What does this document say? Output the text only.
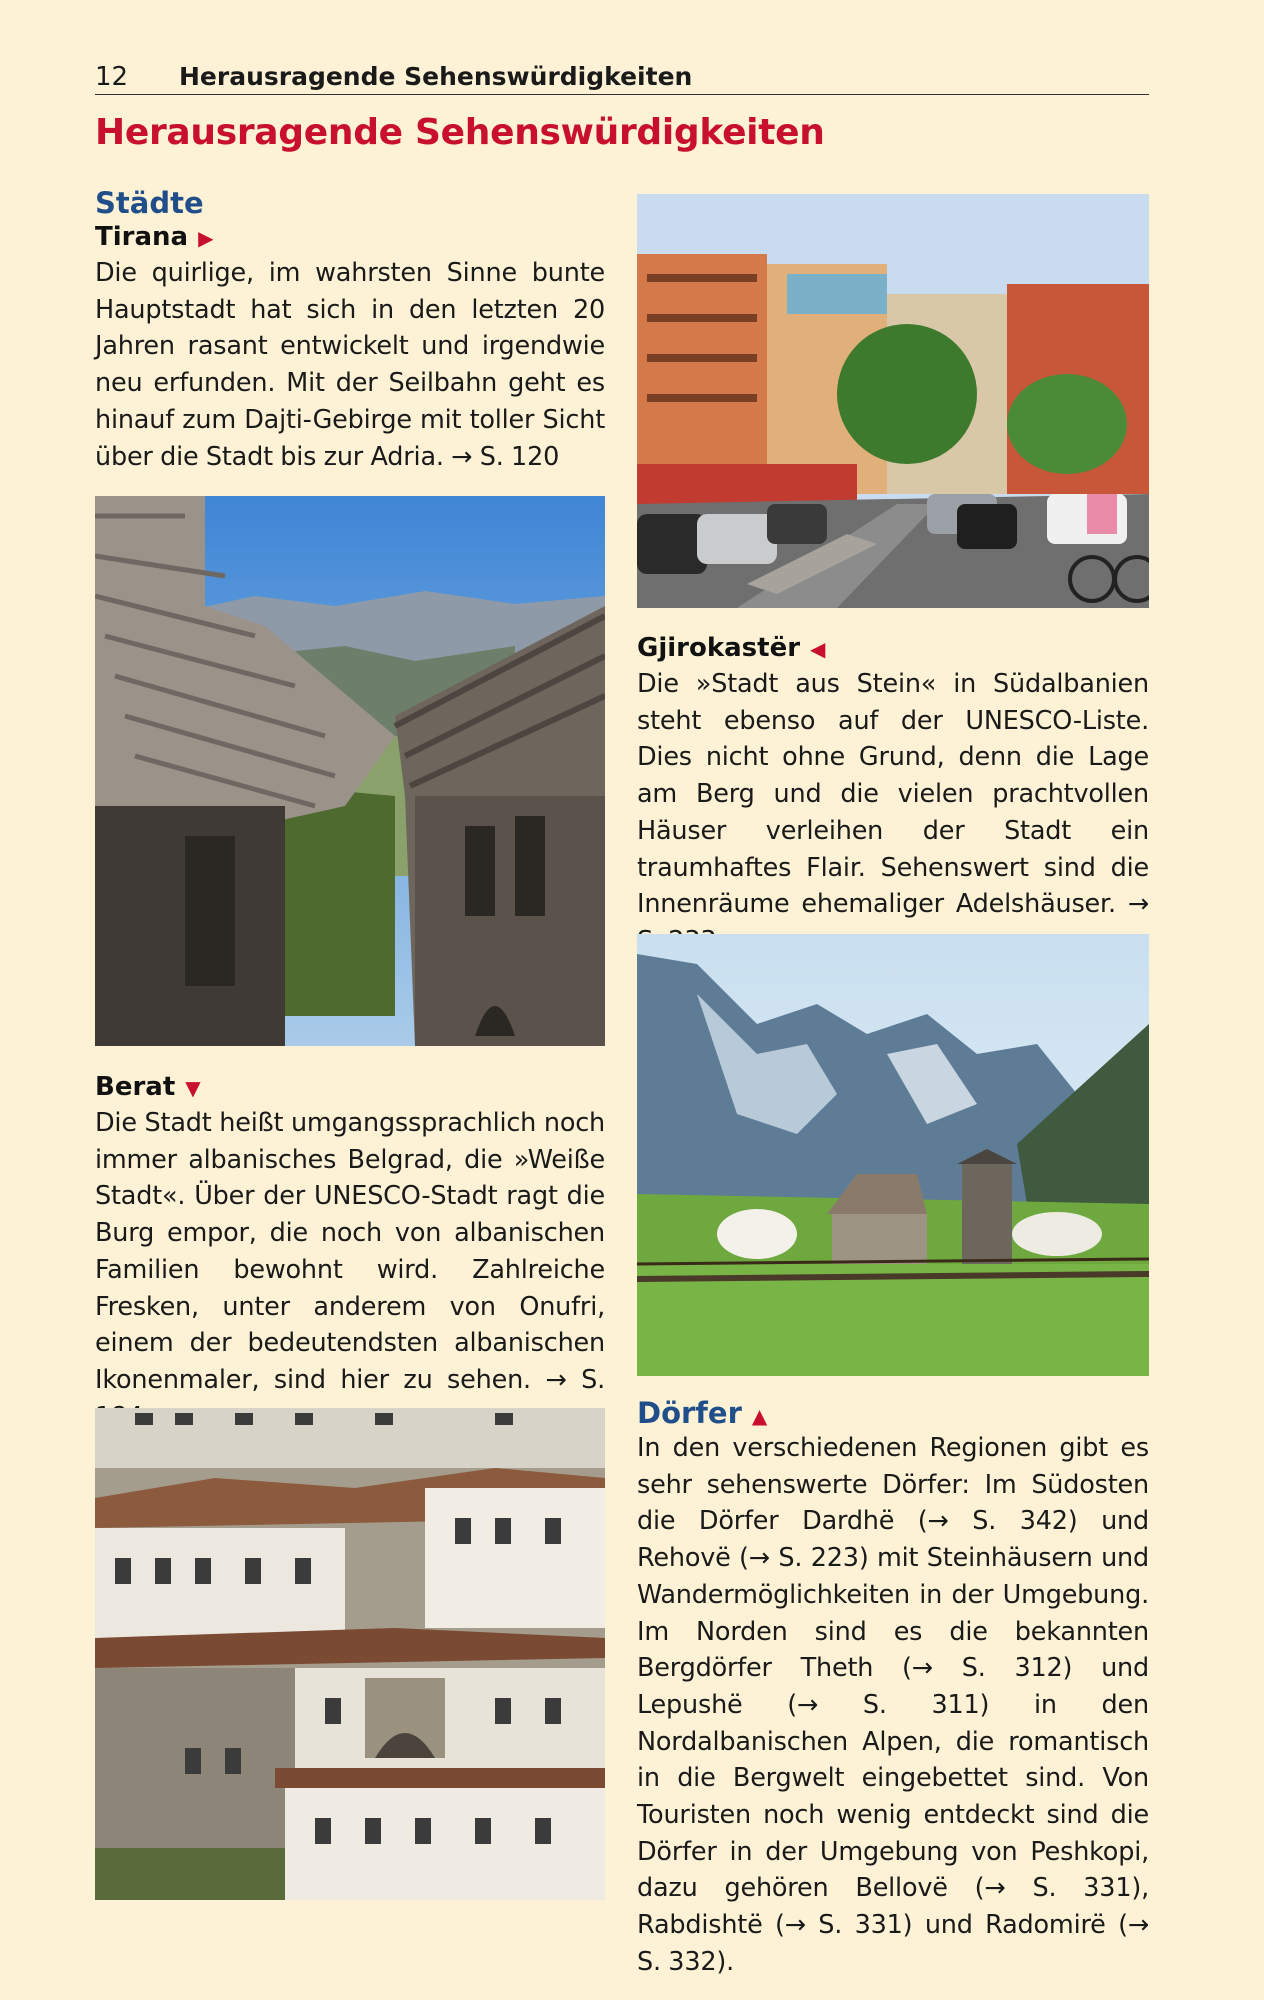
12 Herausragende Sehenswürdigkeiten
Herausragende Sehenswürdigkeiten
Städte
Tirana ▶
Die quirlige, im wahrsten Sinne bunte Hauptstadt hat sich in den letzten 20 Jahren rasant entwickelt und irgendwie neu erfunden. Mit der Seilbahn geht es hinauf zum Dajti-Gebirge mit toller Sicht über die Stadt bis zur Adria. → S. 120
Berat ▼
Die Stadt heißt umgangssprachlich noch immer albanisches Belgrad, die »Weiße Stadt«. Über der UNESCO-Stadt ragt die Burg empor, die noch von albanischen Familien bewohnt wird. Zahlreiche Fresken, unter anderem von Onufri, einem der bedeutendsten albanischen Ikonenmaler, sind hier zu sehen. → S.
Gjirokastër ◀
Die »Stadt aus Stein« in Südalbanien steht ebenso auf der UNESCO-Liste. Dies nicht ohne Grund, denn die Lage am Berg und die vielen prachtvollen Häuser verleihen der Stadt ein traumhaftes Flair. Sehenswert sind die Innenräume ehemaliger Adelshäuser. →
Dörfer ▲
In den verschiedenen Regionen gibt es sehr sehenswerte Dörfer: Im Südosten die Dörfer Dardhë (→ S. 342) und Rehovë (→ S. 223) mit Steinhäusern und Wandermöglichkeiten in der Umgebung. Im Norden sind es die bekannten Bergdörfer Theth (→ S. 312) und Lepushë (→ S. 311) in den Nordalbanischen Alpen, die romantisch in die Bergwelt eingebettet sind. Von Touristen noch wenig entdeckt sind die Dörfer in der Umgebung von Peshkopi, dazu gehören Bellovë (→ S. 331), Rabdishtë (→ S. 331) und Radomirë (→ S. 332).
